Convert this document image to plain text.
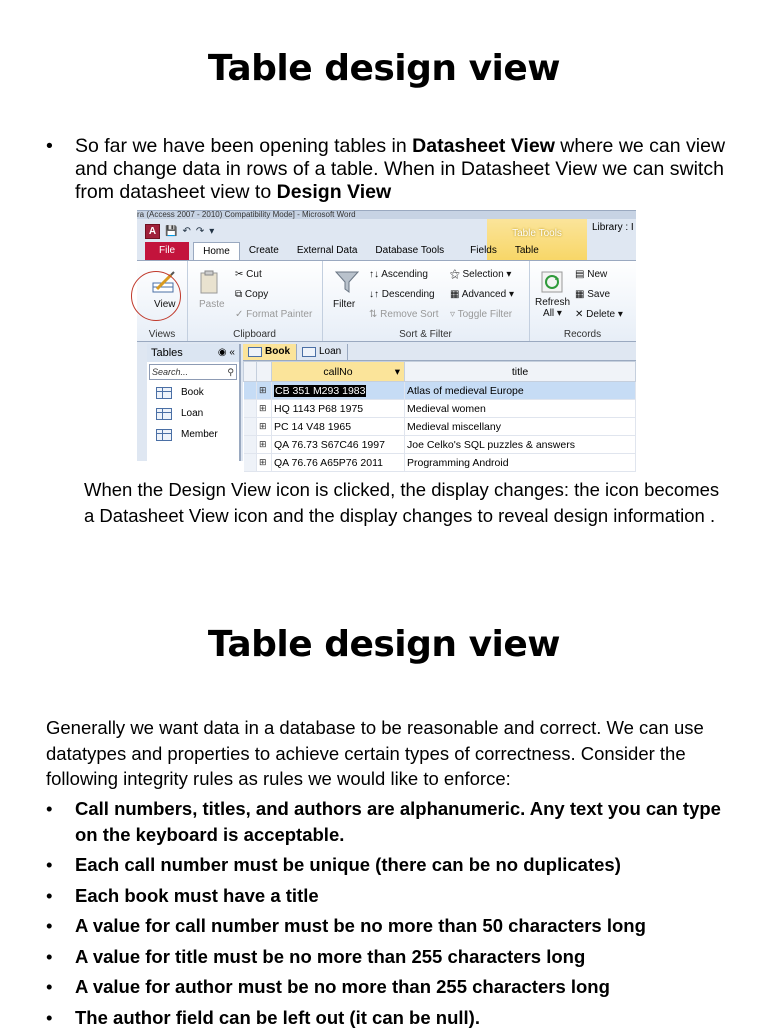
Table design view
• So far we have been opening tables in Datasheet View where we can view and change data in rows of a table. When in Datasheet View we can switch from datasheet view to Design View
ra (Access 2007 - 2010) Compatibility Mode] - Microsoft Word
A 💾 ↶ ↷ ▾	Table Tools
Library : I
File	Home	Create	External Data	Database Tools	Fields	Table
View
Views
Paste
✂ Cut
⧉ Copy
✓ Format Painter
Clipboard
Filter
↑↓ Ascending
↓↑ Descending
⇅ Remove Sort
⚝ Selection ▾
▦ Advanced ▾
▿ Toggle Filter
Sort & Filter
Refresh
All ▾
▤ New
▦ Save
✕ Delete ▾
Records
Tables	◉ «
Search...	⚲
Book
Loan
Member
Book	Loan
		callNo ▾	title
	⊞	CB 351 M293 1983	Atlas of medieval Europe
	⊞	HQ 1143 P68 1975	Medieval women
	⊞	PC 14 V48 1965	Medieval miscellany
	⊞	QA 76.73 S67C46 1997	Joe Celko's SQL puzzles & answers
	⊞	QA 76.76 A65P76 2011	Programming Android

When the Design View icon is clicked, the display changes: the icon becomes a Datasheet View icon and the display changes to reveal design information .

Table design view

Generally we want data in a database to be reasonable and correct. We can use datatypes and properties to achieve certain types of correctness. Consider the following integrity rules as rules we would like to enforce:

• Call numbers, titles, and authors are alphanumeric. Any text you can type on the keyboard is acceptable.
• Each call number must be unique (there can be no duplicates)
• Each book must have a title
• A value for call number must be no more than 50 characters long
• A value for title must be no more than 255 characters long
• A value for author must be no more than 255 characters long
• The author field can be left out (it can be null).
